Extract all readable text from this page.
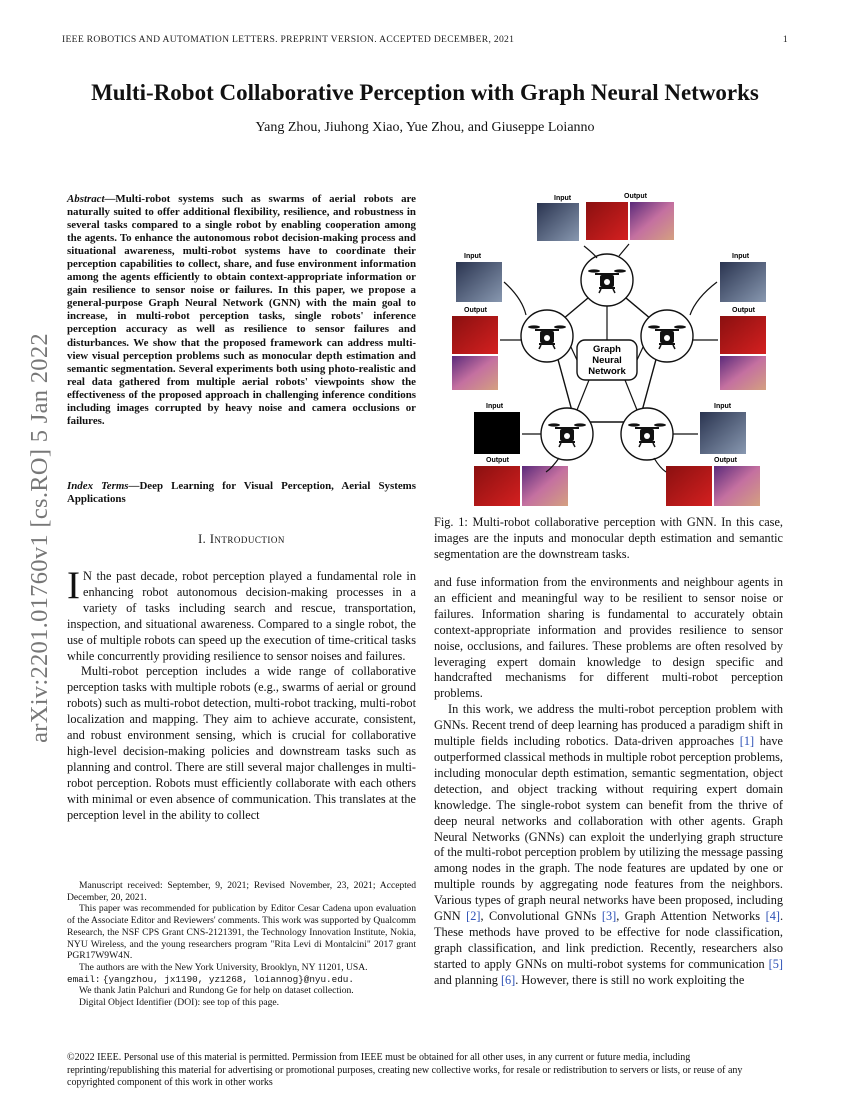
IEEE ROBOTICS AND AUTOMATION LETTERS. PREPRINT VERSION. ACCEPTED DECEMBER, 2021	1
Multi-Robot Collaborative Perception with Graph Neural Networks
Yang Zhou, Jiuhong Xiao, Yue Zhou, and Giuseppe Loianno
arXiv:2201.01760v1 [cs.RO] 5 Jan 2022
Abstract—Multi-robot systems such as swarms of aerial robots are naturally suited to offer additional flexibility, resilience, and robustness in several tasks compared to a single robot by enabling cooperation among the agents. To enhance the autonomous robot decision-making process and situational awareness, multi-robot systems have to coordinate their perception capabilities to collect, share, and fuse environment information among the agents efficiently to obtain context-appropriate information or gain resilience to sensor noise or failures. In this paper, we propose a general-purpose Graph Neural Network (GNN) with the main goal to increase, in multi-robot perception tasks, single robots' inference perception accuracy as well as resilience to sensor failures and disturbances. We show that the proposed framework can address multi-view visual perception problems such as monocular depth estimation and semantic segmentation. Several experiments both using photo-realistic and real data gathered from multiple aerial robots' viewpoints show the effectiveness of the proposed approach in challenging inference conditions including images corrupted by heavy noise and camera occlusions or failures.
Index Terms—Deep Learning for Visual Perception, Aerial Systems Applications
I. Introduction

I N the past decade, robot perception played a fundamental role in enhancing robot autonomous decision-making processes in a variety of tasks including search and rescue, transportation, inspection, and situational awareness. Compared to a single robot, the use of multiple robots can speed up the execution of time-critical tasks while concurrently providing resilience to sensor noises and failures.

Multi-robot perception includes a wide range of collaborative perception tasks with multiple robots (e.g., swarms of aerial or ground robots) such as multi-robot detection, multi-robot tracking, multi-robot localization and mapping. They aim to achieve accurate, consistent, and robust environment sensing, which is crucial for collaborative high-level decision-making policies and downstream tasks such as planning and control. There are still several major challenges in multi-robot perception. Robots must efficiently collaborate with each others with minimal or even absence of communication. This translates at the perception level in the ability to collect

Manuscript received: September, 9, 2021; Revised November, 23, 2021; Accepted December, 20, 2021.

This paper was recommended for publication by Editor Cesar Cadena upon evaluation of the Associate Editor and Reviewers' comments. This work was supported by Qualcomm Research, the NSF CPS Grant CNS-2121391, the Technology Innovation Institute, Nokia, NYU Wireless, and the young researchers program "Rita Levi di Montalcini" 2017 grant PGR17W9W4N.

The authors are with the New York University, Brooklyn, NY 11201, USA.

email: {yangzhou, jx1190, yz1268, loiannog}@nyu.edu.

We thank Jatin Palchuri and Rundong Ge for help on dataset collection.

Digital Object Identifier (DOI): see top of this page.

Graph
Neural
Network
Input	Output
Input
Output
Input
Output
Input
Output
Input
Output
Fig. 1: Multi-robot collaborative perception with GNN. In this case, images are the inputs and monocular depth estimation and semantic segmentation are the downstream tasks.

and fuse information from the environments and neighbour agents in an efficient and meaningful way to be resilient to sensor noise or failures. Information sharing is fundamental to accurately obtain context-appropriate information and provides resilience to sensor noise, occlusions, and failures. These problems are often resolved by leveraging expert domain knowledge to design specific and handcrafted mechanisms for different multi-robot perception problems.

In this work, we address the multi-robot perception problem with GNNs. Recent trend of deep learning has produced a paradigm shift in multiple fields including robotics. Data-driven approaches [1] have outperformed classical methods in multiple robot perception problems, including monocular depth estimation, semantic segmentation, object detection, and object tracking without requiring expert domain knowledge. The single-robot system can benefit from the thrive of deep neural networks and collaboration with other agents. Graph Neural Networks (GNNs) can exploit the underlying graph structure of the multi-robot perception problem by utilizing the message passing among nodes in the graph. The node features are updated by one or multiple rounds by aggregating node features from the neighbors. Various types of graph neural networks have been proposed, including GNN [2], Convolutional GNNs [3], Graph Attention Networks [4]. These methods have proved to be effective for node classification, graph classification, and link prediction. Recently, researchers also started to apply GNNs on multi-robot systems for communication [5] and planning [6]. However, there is still no work exploiting the

©2022 IEEE. Personal use of this material is permitted. Permission from IEEE must be obtained for all other uses, in any current or future media, including reprinting/republishing this material for advertising or promotional purposes, creating new collective works, for resale or redistribution to servers or lists, or reuse of any copyrighted component of this work in other works
